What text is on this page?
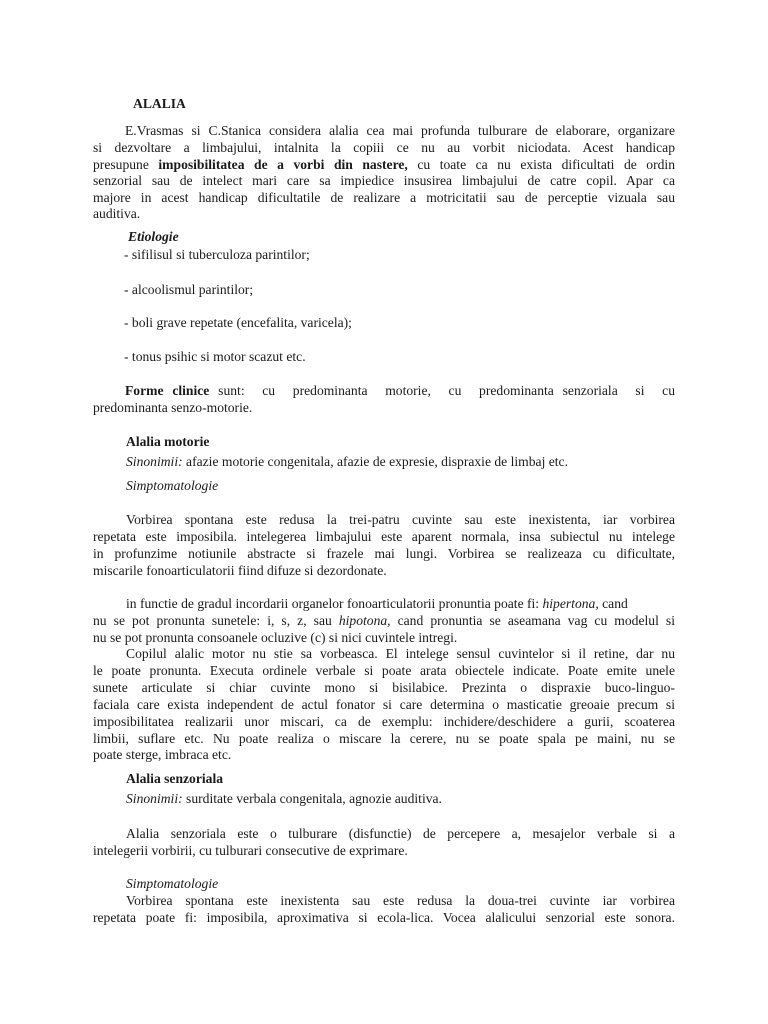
ALALIA
E.Vrasmas si C.Stanica considera alalia cea mai profunda tulburare de elaborare, organizare
si dezvoltare a limbajului, intalnita la copiii ce nu au vorbit niciodata. Acest handicap
presupune imposibilitatea de a vorbi din nastere, cu toate ca nu exista dificultati de ordin
senzorial sau de intelect mari care sa impiedice insusirea limbajului de catre copil. Apar ca
majore in acest handicap dificultatile de realizare a motricitatii sau de perceptie vizuala sau
auditiva.
Etiologie
- sifilisul si tuberculoza parintilor;
- alcoolismul parintilor;
- boli grave repetate (encefalita, varicela);
- tonus psihic si motor scazut etc.
Forme clinice sunt:  cu  predominanta  motorie,  cu  predominanta senzoriala  si  cu
predominanta senzo-motorie.
Alalia motorie
Sinonimii: afazie motorie congenitala, afazie de expresie, dispraxie de limbaj etc.
Simptomatologie
Vorbirea spontana este redusa la trei-patru cuvinte sau este inexistenta, iar vorbirea
repetata este imposibila. intelegerea limbajului este aparent normala, insa subiectul nu intelege
in profunzime notiunile abstracte si frazele mai lungi. Vorbirea se realizeaza cu dificultate,
miscarile fonoarticulatorii fiind difuze si dezordonate.
in functie de gradul incordarii organelor fonoarticulatorii pronuntia poate fi: hipertona, cand
nu se pot pronunta sunetele: i, s, z, sau hipotona, cand pronuntia se aseamana vag cu modelul si
nu se pot pronunta consoanele ocluzive (c) si nici cuvintele intregi.
Copilul alalic motor nu stie sa vorbeasca. El intelege sensul cuvintelor si il retine, dar nu
le poate pronunta. Executa ordinele verbale si poate arata obiectele indicate. Poate emite unele
sunete articulate si chiar cuvinte mono si bisilabice. Prezinta o dispraxie buco-linguo-
faciala care exista independent de actul fonator si care determina o masticatie greoaie precum si
imposibilitatea realizarii unor miscari, ca de exemplu: inchidere/deschidere a gurii, scoaterea
limbii, suflare etc. Nu poate realiza o miscare la cerere, nu se poate spala pe maini, nu se
poate sterge, imbraca etc.
Alalia senzoriala
Sinonimii: surditate verbala congenitala, agnozie auditiva.
Alalia senzoriala este o tulburare (disfunctie) de percepere a, mesajelor verbale si a
intelegerii vorbirii, cu tulburari consecutive de exprimare.
Simptomatologie
Vorbirea spontana este inexistenta sau este redusa la doua-trei cuvinte iar vorbirea
repetata poate fi: imposibila, aproximativa si ecola-lica. Vocea alalicului senzorial este sonora.
